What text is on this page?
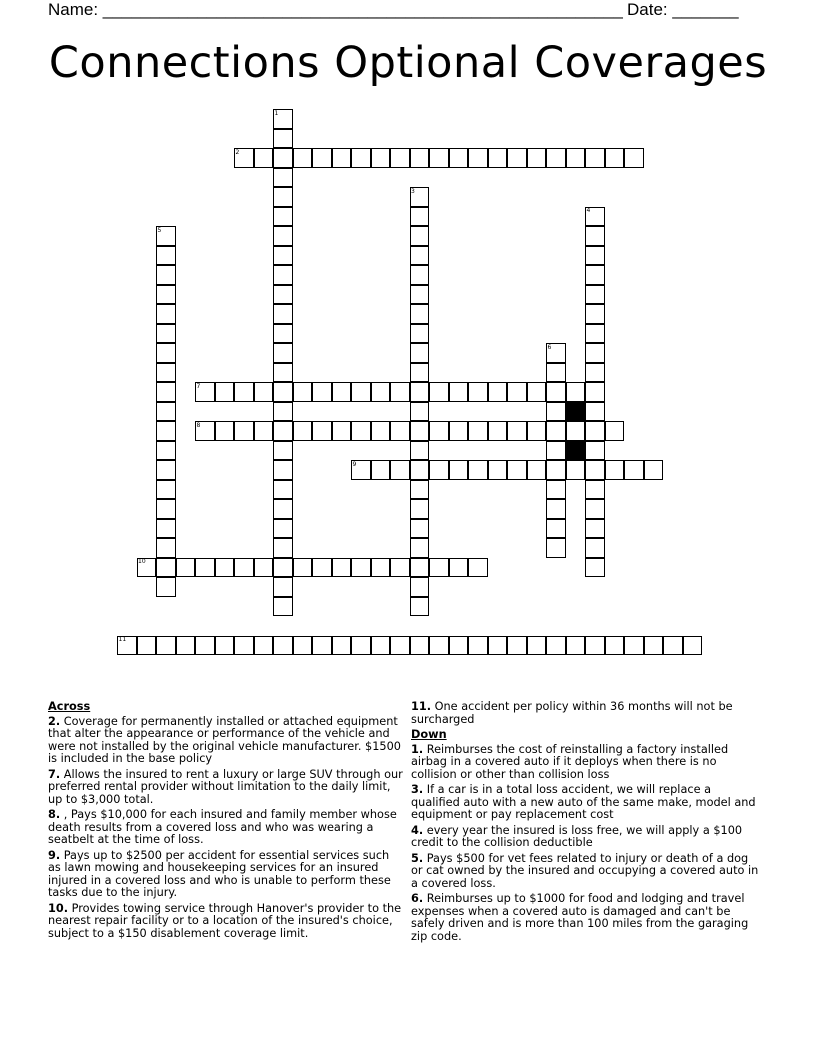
Name: _______________________________________________________ Date: _______
Connections Optional Coverages
1
2
3
4
5
6
7
8
9
10
11
Across
2. Coverage for permanently installed or attached equipment that alter the appearance or performance of the vehicle and were not installed by the original vehicle manufacturer. $1500 is included in the base policy
7. Allows the insured to rent a luxury or large SUV through our preferred rental provider without limitation to the daily limit, up to $3,000 total.
8. , Pays $10,000 for each insured and family member whose death results from a covered loss and who was wearing a seatbelt at the time of loss.
9. Pays up to $2500 per accident for essential services such as lawn mowing and housekeeping services for an insured injured in a covered loss and who is unable to perform these tasks due to the injury.
10. Provides towing service through Hanover's provider to the nearest repair facility or to a location of the insured's choice, subject to a $150 disablement coverage limit.
11. One accident per policy within 36 months will not be surcharged
Down
1. Reimburses the cost of reinstalling a factory installed airbag in a covered auto if it deploys when there is no collision or other than collision loss
3. If a car is in a total loss accident, we will replace a qualified auto with a new auto of the same make, model and equipment or pay replacement cost
4. every year the insured is loss free, we will apply a $100 credit to the collision deductible
5. Pays $500 for vet fees related to injury or death of a dog or cat owned by the insured and occupying a covered auto in a covered loss.
6. Reimburses up to $1000 for food and lodging and travel expenses when a covered auto is damaged and can't be safely driven and is more than 100 miles from the garaging zip code.
